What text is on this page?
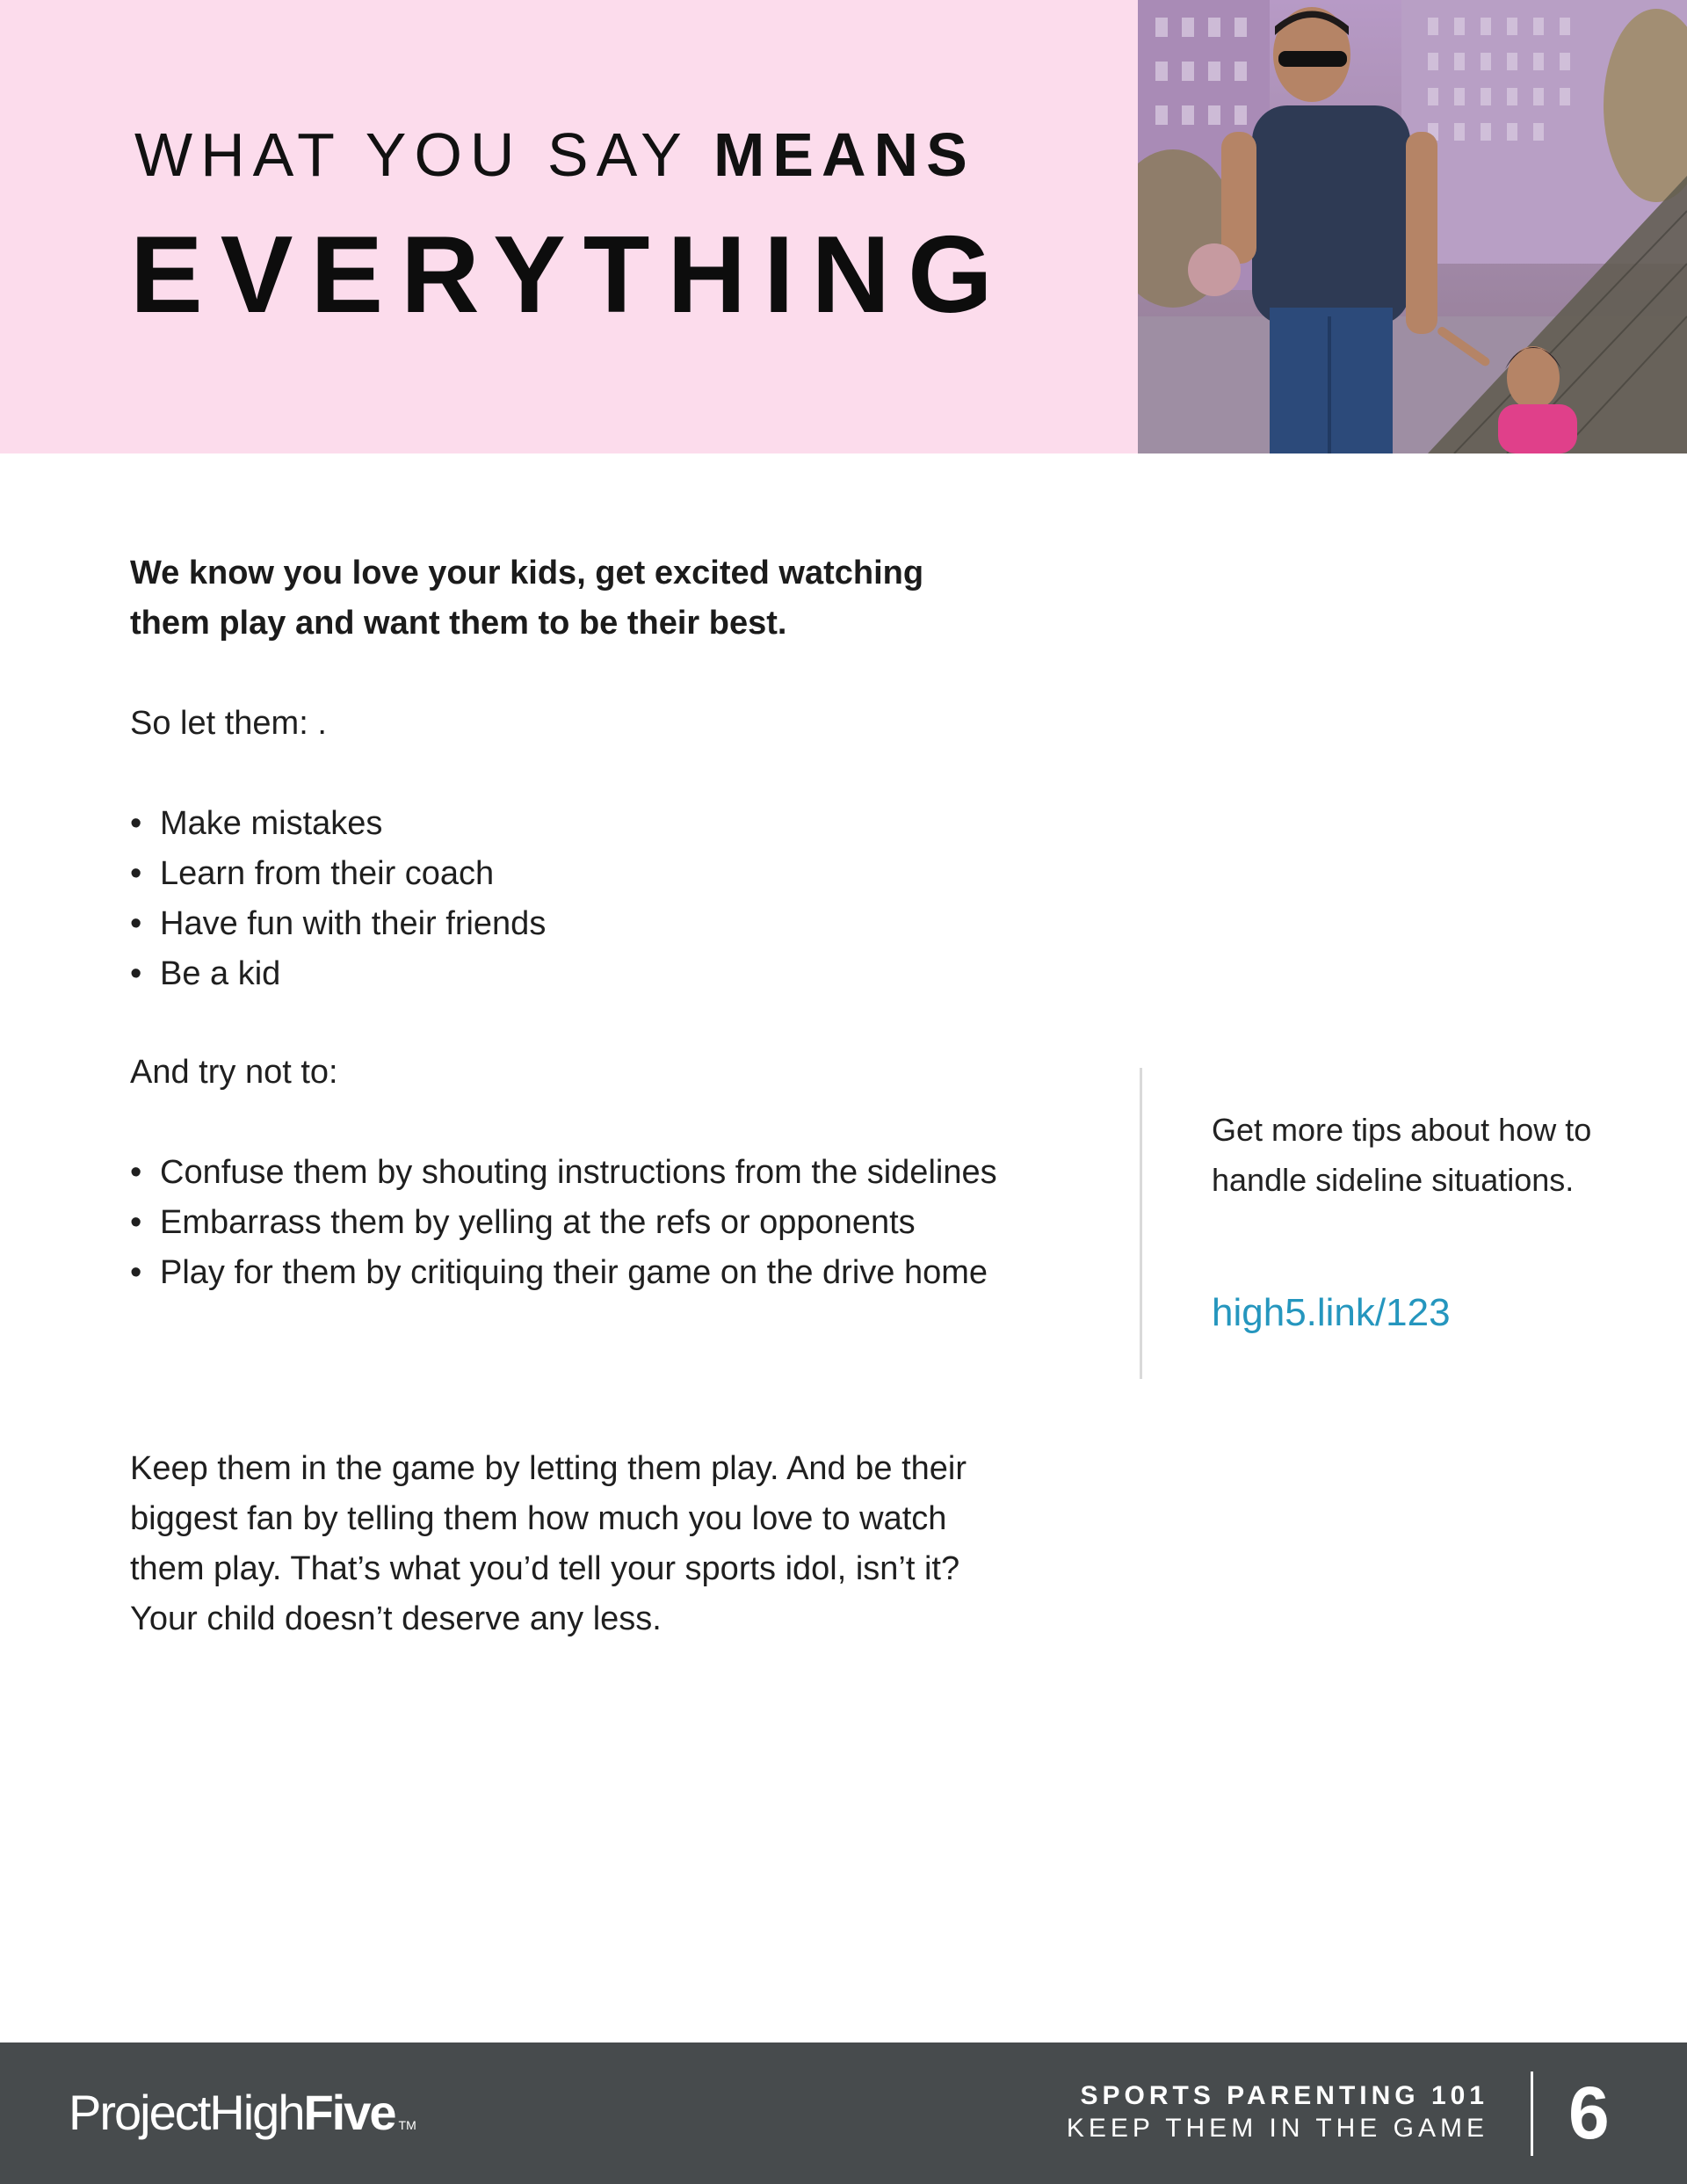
WHAT YOU SAY MEANS
EVERYTHING

We know you love your kids, get excited watching them play and want them to be their best.

So let them: .

• Make mistakes
• Learn from their coach
• Have fun with their friends
• Be a kid

And try not to:

• Confuse them by shouting instructions from the sidelines
• Embarrass them by yelling at the refs or opponents
• Play for them by critiquing their game on the drive home

Keep them in the game by letting them play. And be their biggest fan by telling them how much you love to watch them play. That’s what you’d tell your sports idol, isn’t it? Your child doesn’t deserve any less.

Get more tips about how to handle sideline situations.

high5.link/123

ProjectHighFive TM

SPORTS PARENTING 101

KEEP THEM IN THE GAME 6
